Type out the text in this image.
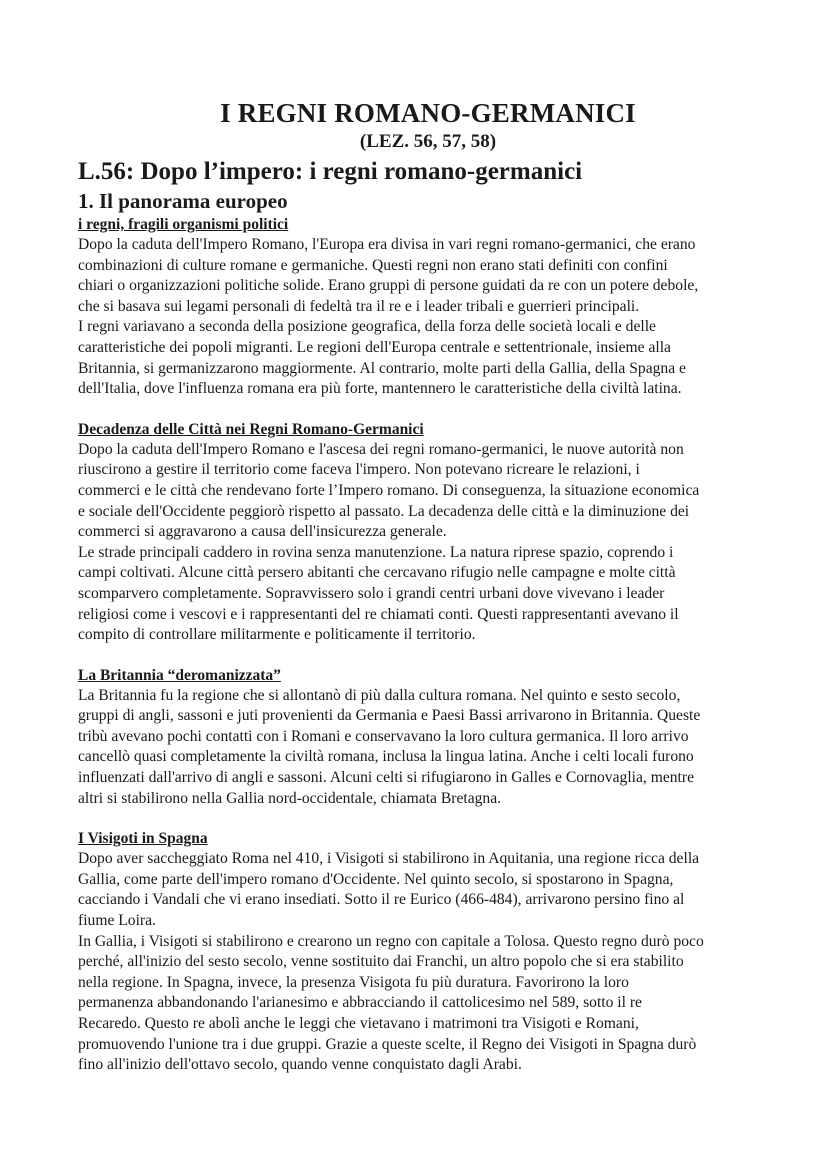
I REGNI ROMANO-GERMANICI
(LEZ. 56, 57, 58)
L.56: Dopo l’impero: i regni romano-germanici
1. Il panorama europeo
i regni, fragili organismi politici

Dopo la caduta dell'Impero Romano, l'Europa era divisa in vari regni romano-germanici, che erano
combinazioni di culture romane e germaniche. Questi regni non erano stati definiti con confini
chiari o organizzazioni politiche solide. Erano gruppi di persone guidati da re con un potere debole,
che si basava sui legami personali di fedeltà tra il re e i leader tribali e guerrieri principali.

I regni variavano a seconda della posizione geografica, della forza delle società locali e delle
caratteristiche dei popoli migranti. Le regioni dell'Europa centrale e settentrionale, insieme alla
Britannia, si germanizzarono maggiormente. Al contrario, molte parti della Gallia, della Spagna e
dell'Italia, dove l'influenza romana era più forte, mantennero le caratteristiche della civiltà latina.

Decadenza delle Città nei Regni Romano-Germanici

Dopo la caduta dell'Impero Romano e l'ascesa dei regni romano-germanici, le nuove autorità non
riuscirono a gestire il territorio come faceva l'impero. Non potevano ricreare le relazioni, i
commerci e le città che rendevano forte l’Impero romano. Di conseguenza, la situazione economica
e sociale dell'Occidente peggiorò rispetto al passato. La decadenza delle città e la diminuzione dei
commerci si aggravarono a causa dell'insicurezza generale.

Le strade principali caddero in rovina senza manutenzione. La natura riprese spazio, coprendo i
campi coltivati. Alcune città persero abitanti che cercavano rifugio nelle campagne e molte città
scomparvero completamente. Sopravvissero solo i grandi centri urbani dove vivevano i leader
religiosi come i vescovi e i rappresentanti del re chiamati conti. Questi rappresentanti avevano il
compito di controllare militarmente e politicamente il territorio.

La Britannia “deromanizzata”

La Britannia fu la regione che si allontanò di più dalla cultura romana. Nel quinto e sesto secolo,
gruppi di angli, sassoni e juti provenienti da Germania e Paesi Bassi arrivarono in Britannia. Queste
tribù avevano pochi contatti con i Romani e conservavano la loro cultura germanica. Il loro arrivo
cancellò quasi completamente la civiltà romana, inclusa la lingua latina. Anche i celti locali furono
influenzati dall'arrivo di angli e sassoni. Alcuni celti si rifugiarono in Galles e Cornovaglia, mentre
altri si stabilirono nella Gallia nord-occidentale, chiamata Bretagna.

I Visigoti in Spagna

Dopo aver saccheggiato Roma nel 410, i Visigoti si stabilirono in Aquitania, una regione ricca della
Gallia, come parte dell'impero romano d'Occidente. Nel quinto secolo, si spostarono in Spagna,
cacciando i Vandali che vi erano insediati. Sotto il re Eurico (466-484), arrivarono persino fino al
fiume Loira.

In Gallia, i Visigoti si stabilirono e crearono un regno con capitale a Tolosa. Questo regno durò poco
perché, all'inizio del sesto secolo, venne sostituito dai Franchi, un altro popolo che si era stabilito
nella regione. In Spagna, invece, la presenza Visigota fu più duratura. Favorirono la loro
permanenza abbandonando l'arianesimo e abbracciando il cattolicesimo nel 589, sotto il re
Recaredo. Questo re abolì anche le leggi che vietavano i matrimoni tra Visigoti e Romani,
promuovendo l'unione tra i due gruppi. Grazie a queste scelte, il Regno dei Visigoti in Spagna durò
fino all'inizio dell'ottavo secolo, quando venne conquistato dagli Arabi.
